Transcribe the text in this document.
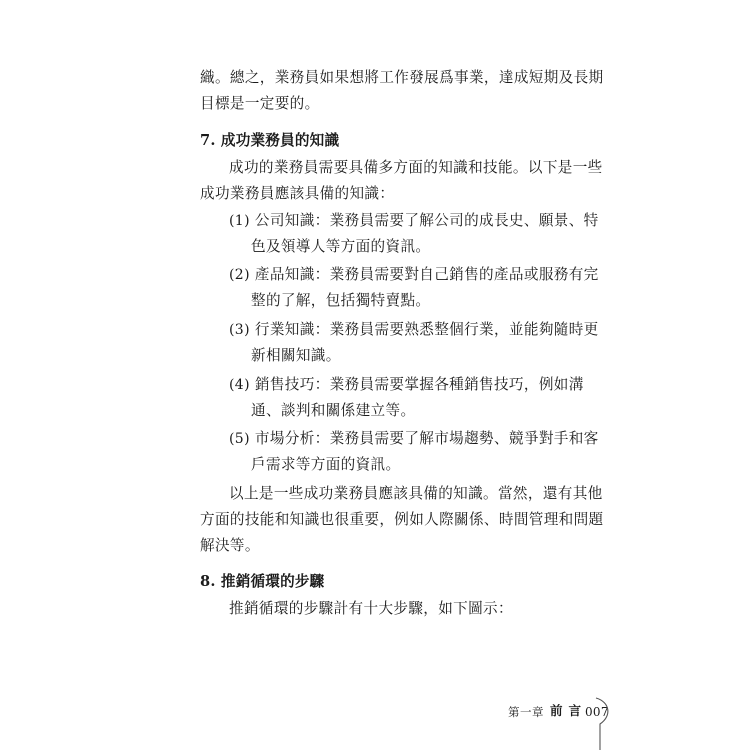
織。總之，業務員如果想將工作發展爲事業，達成短期及長期
目標是一定要的。
7. 成功業務員的知識
成功的業務員需要具備多方面的知識和技能。以下是一些
成功業務員應該具備的知識：
(1) 公司知識：業務員需要了解公司的成長史、願景、特
色及領導人等方面的資訊。
(2) 產品知識：業務員需要對自己銷售的產品或服務有完
整的了解，包括獨特賣點。
(3) 行業知識：業務員需要熟悉整個行業，並能夠隨時更
新相關知識。
(4) 銷售技巧：業務員需要掌握各種銷售技巧，例如溝
通、談判和關係建立等。
(5) 市場分析：業務員需要了解市場趨勢、競爭對手和客
戶需求等方面的資訊。
以上是一些成功業務員應該具備的知識。當然，還有其他
方面的技能和知識也很重要，例如人際關係、時間管理和問題
解決等。
8. 推銷循環的步驟
推銷循環的步驟計有十大步驟，如下圖示：
第一章 前言
007
